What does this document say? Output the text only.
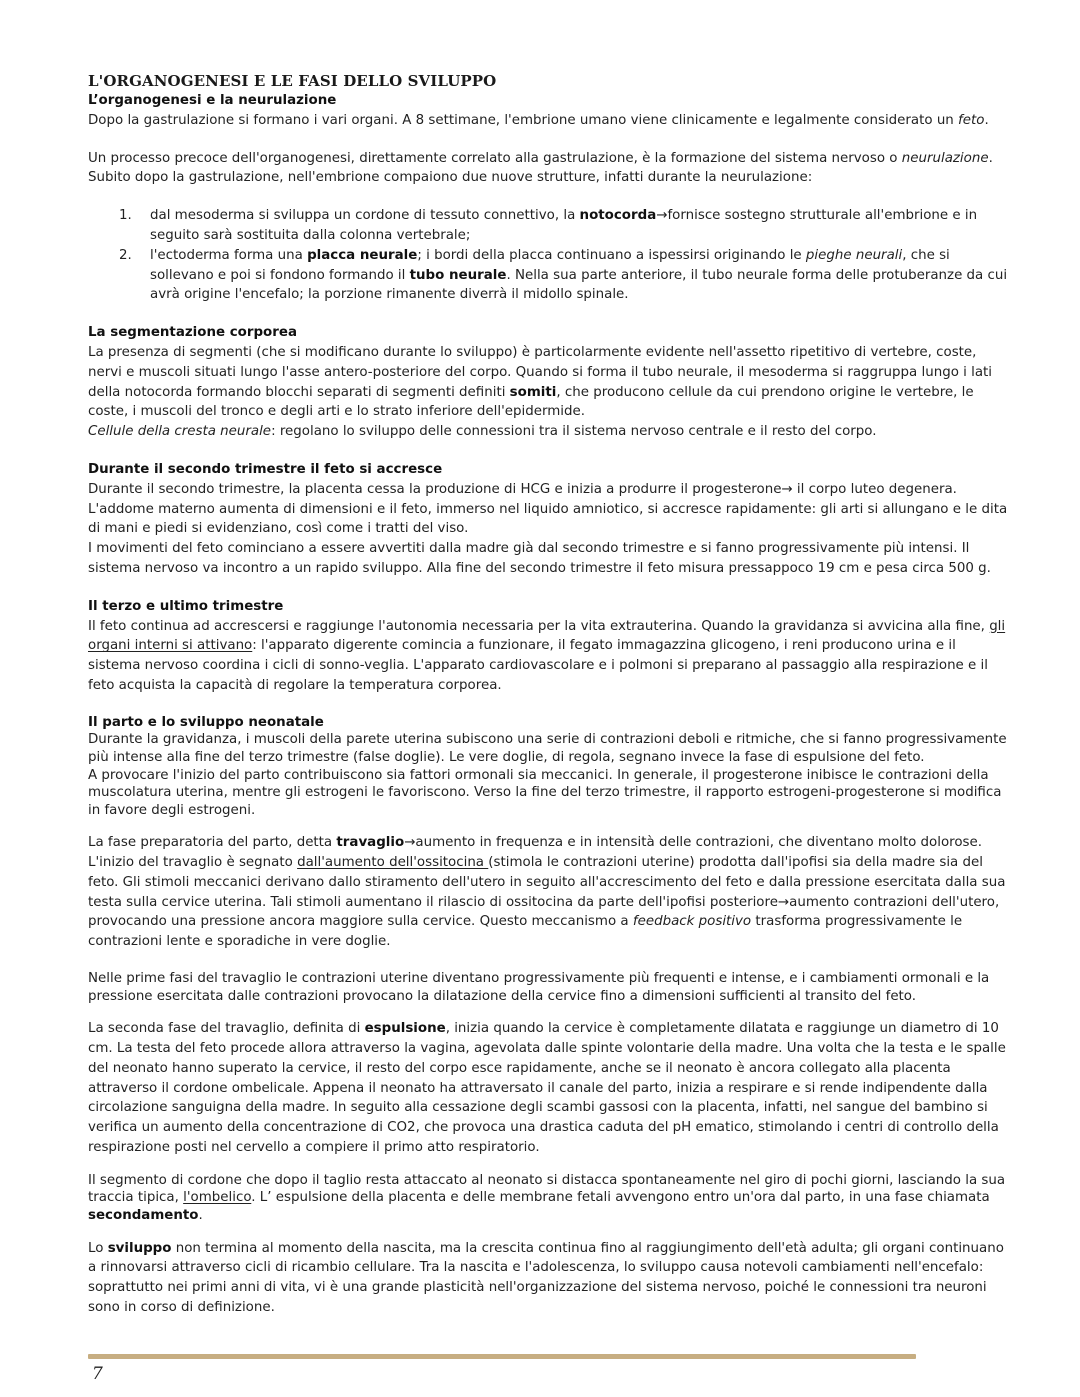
L'ORGANOGENESI E LE FASI DELLO SVILUPPO
L’organogenesi e la neurulazione

Dopo la gastrulazione si formano i vari organi. A 8 settimane, l'embrione umano viene clinicamente e legalmente considerato un feto.

Un processo precoce dell'organogenesi, direttamente correlato alla gastrulazione, è la formazione del sistema nervoso o neurulazione. Subito dopo la gastrulazione, nell'embrione compaiono due nuove strutture, infatti durante la neurulazione:

1. dal mesoderma si sviluppa un cordone di tessuto connettivo, la notocorda→fornisce sostegno strutturale all'embrione e in seguito sarà sostituita dalla colonna vertebrale;
2. l'ectoderma forma una placca neurale; i bordi della placca continuano a ispessirsi originando le pieghe neurali, che si sollevano e poi si fondono formando il tubo neurale. Nella sua parte anteriore, il tubo neurale forma delle protuberanze da cui avrà origine l'encefalo; la porzione rimanente diverrà il midollo spinale.
La segmentazione corporea

La presenza di segmenti (che si modificano durante lo sviluppo) è particolarmente evidente nell'assetto ripetitivo di vertebre, coste, nervi e muscoli situati lungo l'asse antero-posteriore del corpo. Quando si forma il tubo neurale, il mesoderma si raggruppa lungo i lati della notocorda formando blocchi separati di segmenti definiti somiti, che producono cellule da cui prendono origine le vertebre, le coste, i muscoli del tronco e degli arti e lo strato inferiore dell'epidermide.

Cellule della cresta neurale: regolano lo sviluppo delle connessioni tra il sistema nervoso centrale e il resto del corpo.

Durante il secondo trimestre il feto si accresce

Durante il secondo trimestre, la placenta cessa la produzione di HCG e inizia a produrre il progesterone→ il corpo luteo degenera.

L'addome materno aumenta di dimensioni e il feto, immerso nel liquido amniotico, si accresce rapidamente: gli arti si allungano e le dita di mani e piedi si evidenziano, così come i tratti del viso.

I movimenti del feto cominciano a essere avvertiti dalla madre già dal secondo trimestre e si fanno progressivamente più intensi. Il sistema nervoso va incontro a un rapido sviluppo. Alla fine del secondo trimestre il feto misura pressappoco 19 cm e pesa circa 500 g.

Il terzo e ultimo trimestre

Il feto continua ad accrescersi e raggiunge l'autonomia necessaria per la vita extrauterina. Quando la gravidanza si avvicina alla fine, gli organi interni si attivano: l'apparato digerente comincia a funzionare, il fegato immagazzina glicogeno, i reni producono urina e il sistema nervoso coordina i cicli di sonno-veglia. L'apparato cardiovascolare e i polmoni si preparano al passaggio alla respirazione e il feto acquista la capacità di regolare la temperatura corporea.

Il parto e lo sviluppo neonatale

Durante la gravidanza, i muscoli della parete uterina subiscono una serie di contrazioni deboli e ritmiche, che si fanno progressivamente più intense alla fine del terzo trimestre (false doglie). Le vere doglie, di regola, segnano invece la fase di espulsione del feto.

A provocare l'inizio del parto contribuiscono sia fattori ormonali sia meccanici. In generale, il progesterone inibisce le contrazioni della muscolatura uterina, mentre gli estrogeni le favoriscono. Verso la fine del terzo trimestre, il rapporto estrogeni-progesterone si modifica in favore degli estrogeni.

La fase preparatoria del parto, detta travaglio→aumento in frequenza e in intensità delle contrazioni, che diventano molto dolorose. L'inizio del travaglio è segnato dall'aumento dell'ossitocina (stimola le contrazioni uterine) prodotta dall'ipofisi sia della madre sia del feto. Gli stimoli meccanici derivano dallo stiramento dell'utero in seguito all'accrescimento del feto e dalla pressione esercitata dalla sua testa sulla cervice uterina. Tali stimoli aumentano il rilascio di ossitocina da parte dell'ipofisi posteriore→aumento contrazioni dell'utero, provocando una pressione ancora maggiore sulla cervice. Questo meccanismo a feedback positivo trasforma progressivamente le contrazioni lente e sporadiche in vere doglie.

Nelle prime fasi del travaglio le contrazioni uterine diventano progressivamente più frequenti e intense, e i cambiamenti ormonali e la pressione esercitata dalle contrazioni provocano la dilatazione della cervice fino a dimensioni sufficienti al transito del feto.

La seconda fase del travaglio, definita di espulsione, inizia quando la cervice è completamente dilatata e raggiunge un diametro di 10 cm. La testa del feto procede allora attraverso la vagina, agevolata dalle spinte volontarie della madre. Una volta che la testa e le spalle del neonato hanno superato la cervice, il resto del corpo esce rapidamente, anche se il neonato è ancora collegato alla placenta attraverso il cordone ombelicale. Appena il neonato ha attraversato il canale del parto, inizia a respirare e si rende indipendente dalla circolazione sanguigna della madre. In seguito alla cessazione degli scambi gassosi con la placenta, infatti, nel sangue del bambino si verifica un aumento della concentrazione di CO2, che provoca una drastica caduta del pH ematico, stimolando i centri di controllo della respirazione posti nel cervello a compiere il primo atto respiratorio.

Il segmento di cordone che dopo il taglio resta attaccato al neonato si distacca spontaneamente nel giro di pochi giorni, lasciando la sua traccia tipica, l'ombelico. L’ espulsione della placenta e delle membrane fetali avvengono entro un'ora dal parto, in una fase chiamata secondamento.

Lo sviluppo non termina al momento della nascita, ma la crescita continua fino al raggiungimento dell'età adulta; gli organi continuano a rinnovarsi attraverso cicli di ricambio cellulare. Tra la nascita e l'adolescenza, lo sviluppo causa notevoli cambiamenti nell'encefalo: soprattutto nei primi anni di vita, vi è una grande plasticità nell'organizzazione del sistema nervoso, poiché le connessioni tra neuroni sono in corso di definizione.

7
